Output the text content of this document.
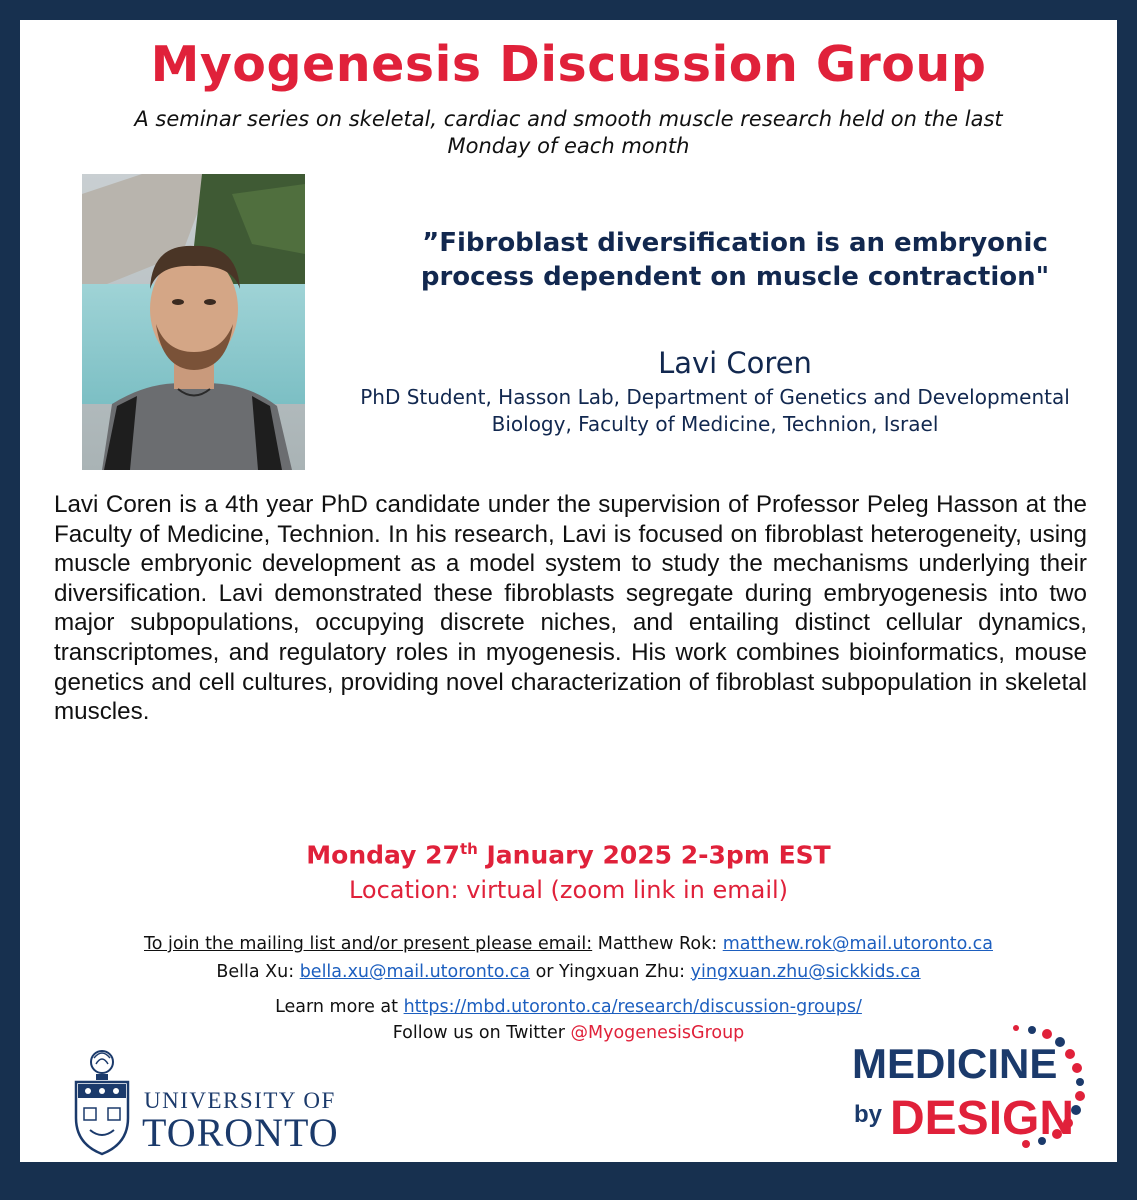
Myogenesis Discussion Group
A seminar series on skeletal, cardiac and smooth muscle research held on the last Monday of each month
”Fibroblast diversification is an embryonic process dependent on muscle contraction"
Lavi Coren
PhD Student, Hasson Lab, Department of Genetics and Developmental Biology, Faculty of Medicine, Technion, Israel
Lavi Coren is a 4th year PhD candidate under the supervision of Professor Peleg Hasson at the Faculty of Medicine, Technion. In his research, Lavi is focused on fibroblast heterogeneity, using muscle embryonic development as a model system to study the mechanisms underlying their diversification. Lavi demonstrated these fibroblasts segregate during embryogenesis into two major subpopulations, occupying discrete niches, and entailing distinct cellular dynamics, transcriptomes, and regulatory roles in myogenesis. His work combines bioinformatics, mouse genetics and cell cultures, providing novel characterization of fibroblast subpopulation in skeletal muscles.
Monday 27th January 2025 2-3pm EST
Location: virtual (zoom link in email)
To join the mailing list and/or present please email: Matthew Rok: matthew.rok@mail.utoronto.ca
Bella Xu: bella.xu@mail.utoronto.ca or Yingxuan Zhu: yingxuan.zhu@sickkids.ca
Learn more at https://mbd.utoronto.ca/research/discussion-groups/
Follow us on Twitter @MyogenesisGroup
UNIVERSITY OF
TORONTO
MEDICINE
by DESIGN
